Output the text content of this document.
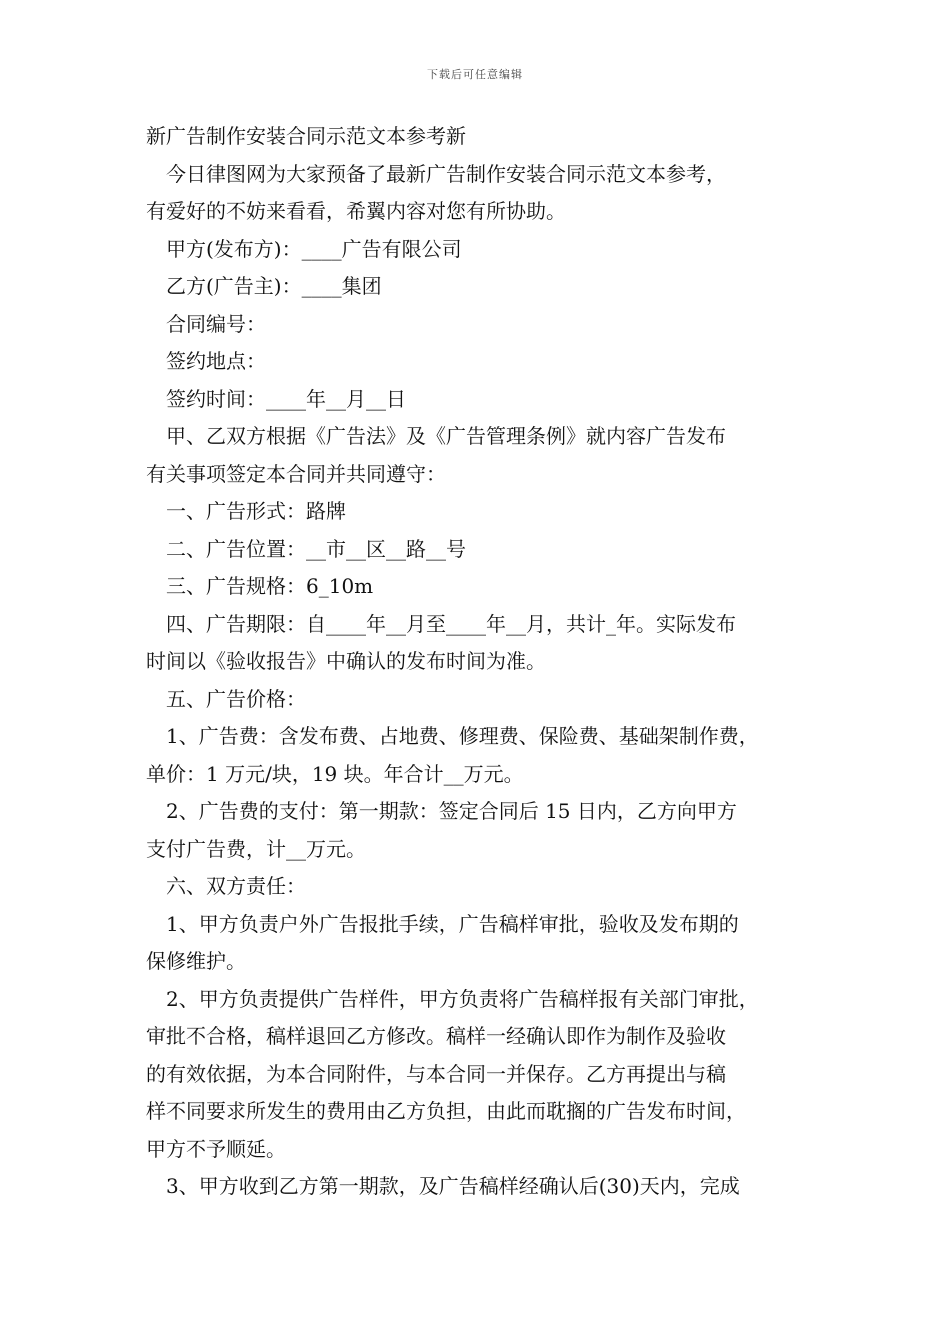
下载后可任意编辑
新广告制作安装合同示范文本参考新
今日律图网为大家预备了最新广告制作安装合同示范文本参考，
有爱好的不妨来看看，希翼内容对您有所协助。
甲方(发布方)：____广告有限公司
乙方(广告主)：____集团
合同编号：
签约地点：
签约时间：____年__月__日
甲、乙双方根据《广告法》及《广告管理条例》就内容广告发布
有关事项签定本合同并共同遵守：
一、广告形式：路牌
二、广告位置：__市__区__路__号
三、广告规格：6_10m
四、广告期限：自____年__月至____年__月，共计_年。实际发布
时间以《验收报告》中确认的发布时间为准。
五、广告价格：
1、广告费：含发布费、占地费、修理费、保险费、基础架制作费，
单价：1 万元/块，19 块。年合计__万元。
2、广告费的支付：第一期款：签定合同后 15 日内，乙方向甲方
支付广告费，计__万元。
六、双方责任：
1、甲方负责户外广告报批手续，广告稿样审批，验收及发布期的
保修维护。
2、甲方负责提供广告样件，甲方负责将广告稿样报有关部门审批，
审批不合格，稿样退回乙方修改。稿样一经确认即作为制作及验收
的有效依据，为本合同附件，与本合同一并保存。乙方再提出与稿
样不同要求所发生的费用由乙方负担，由此而耽搁的广告发布时间，
甲方不予顺延。
3、甲方收到乙方第一期款，及广告稿样经确认后(30)天内，完成
